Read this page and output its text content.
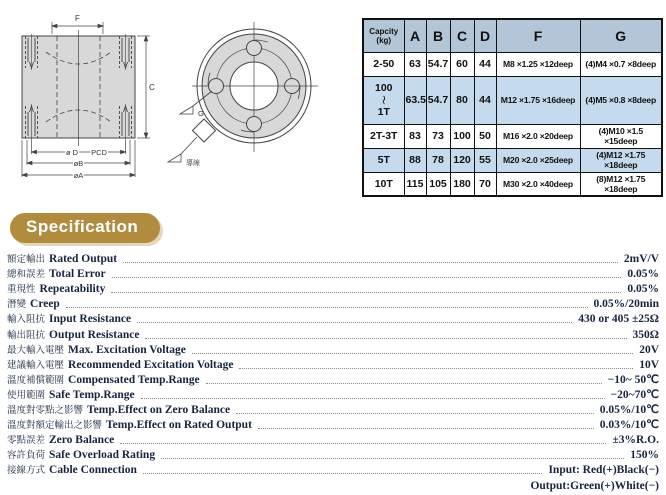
F
C
ø D PCD
øB
øA
G
導線
Capcity
(kg)	A	B	C	D	F	G

2-50	63	54.7	60	44	M8 ×1.25 ×12deep	(4)M4 ×0.7 ×8deep

100
〜
1T	63.5	54.7	80	44	M12 ×1.75 ×16deep	(4)M5 ×0.8 ×8deep

2T-3T	83	73	100	50	M16 ×2.0 ×20deep	(4)M10 ×1.5 ×15deep

5T	88	78	120	55	M20 ×2.0 ×25deep	(4)M12 ×1.75 ×18deep

10T	115	105	180	70	M30 ×2.0 ×40deep	(8)M12 ×1.75 ×18deep
Specification
額定輸出 Rated Output	2mV/V
總和誤差 Total Error	0.05%
重現性 Repeatability	0.05%
潛變 Creep	0.05%/20min
輸入阻抗 Input Resistance	430 or 405 ±25Ω
輸出阻抗 Output Resistance	350Ω
最大輸入電壓 Max. Excitation Voltage	20V
建議輸入電壓 Recommended Excitation Voltage	10V
溫度補償範圍 Compensated Temp.Range	−10~ 50℃
使用範圍 Safe Temp.Range	−20~70℃
溫度對零點之影響 Temp.Effect on Zero Balance	0.05%/10℃
溫度對額定輸出之影響 Temp.Effect on Rated Output	0.03%/10℃
零點誤差 Zero Balance	±3%R.O.
容許負荷 Safe Overload Rating	150%
接線方式 Cable Connection	Input: Red(+)Black(−)
Output:Green(+)White(−)
